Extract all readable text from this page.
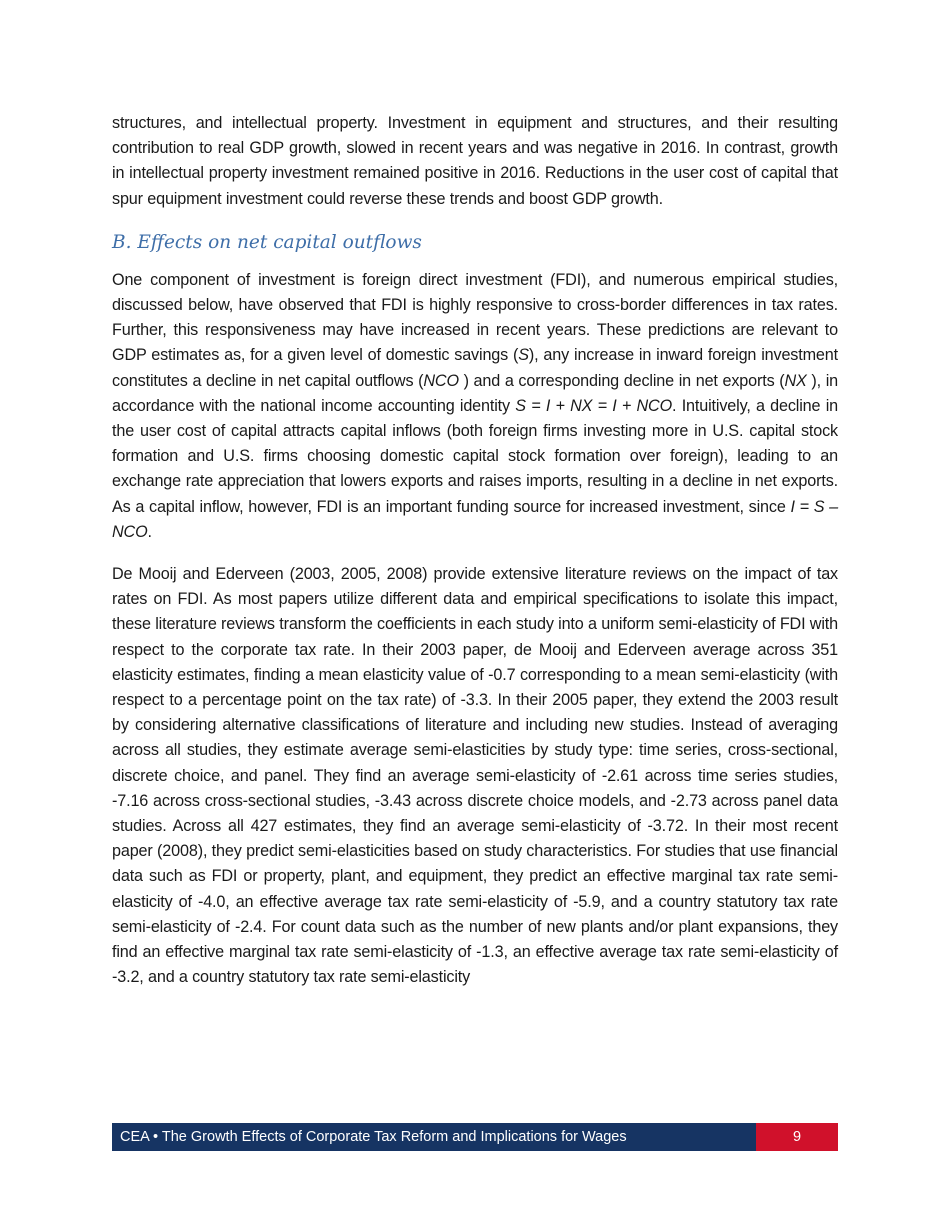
structures, and intellectual property. Investment in equipment and structures, and their resulting contribution to real GDP growth, slowed in recent years and was negative in 2016. In contrast, growth in intellectual property investment remained positive in 2016. Reductions in the user cost of capital that spur equipment investment could reverse these trends and boost GDP growth.

B. Effects on net capital outflows

One component of investment is foreign direct investment (FDI), and numerous empirical studies, discussed below, have observed that FDI is highly responsive to cross-border differences in tax rates. Further, this responsiveness may have increased in recent years. These predictions are relevant to GDP estimates as, for a given level of domestic savings (S), any increase in inward foreign investment constitutes a decline in net capital outflows (NCO ) and a corresponding decline in net exports (NX ), in accordance with the national income accounting identity S = I + NX = I + NCO. Intuitively, a decline in the user cost of capital attracts capital inflows (both foreign firms investing more in U.S. capital stock formation and U.S. firms choosing domestic capital stock formation over foreign), leading to an exchange rate appreciation that lowers exports and raises imports, resulting in a decline in net exports. As a capital inflow, however, FDI is an important funding source for increased investment, since I = S – NCO.

De Mooij and Ederveen (2003, 2005, 2008) provide extensive literature reviews on the impact of tax rates on FDI. As most papers utilize different data and empirical specifications to isolate this impact, these literature reviews transform the coefficients in each study into a uniform semi-elasticity of FDI with respect to the corporate tax rate. In their 2003 paper, de Mooij and Ederveen average across 351 elasticity estimates, finding a mean elasticity value of -0.7 corresponding to a mean semi-elasticity (with respect to a percentage point on the tax rate) of -3.3. In their 2005 paper, they extend the 2003 result by considering alternative classifications of literature and including new studies. Instead of averaging across all studies, they estimate average semi-elasticities by study type: time series, cross-sectional, discrete choice, and panel. They find an average semi-elasticity of -2.61 across time series studies, -7.16 across cross-sectional studies, -3.43 across discrete choice models, and -2.73 across panel data studies. Across all 427 estimates, they find an average semi-elasticity of -3.72. In their most recent paper (2008), they predict semi-elasticities based on study characteristics. For studies that use financial data such as FDI or property, plant, and equipment, they predict an effective marginal tax rate semi-elasticity of -4.0, an effective average tax rate semi-elasticity of -5.9, and a country statutory tax rate semi-elasticity of -2.4. For count data such as the number of new plants and/or plant expansions, they find an effective marginal tax rate semi-elasticity of -1.3, an effective average tax rate semi-elasticity of -3.2, and a country statutory tax rate semi-elasticity

CEA • The Growth Effects of Corporate Tax Reform and Implications for Wages	9
